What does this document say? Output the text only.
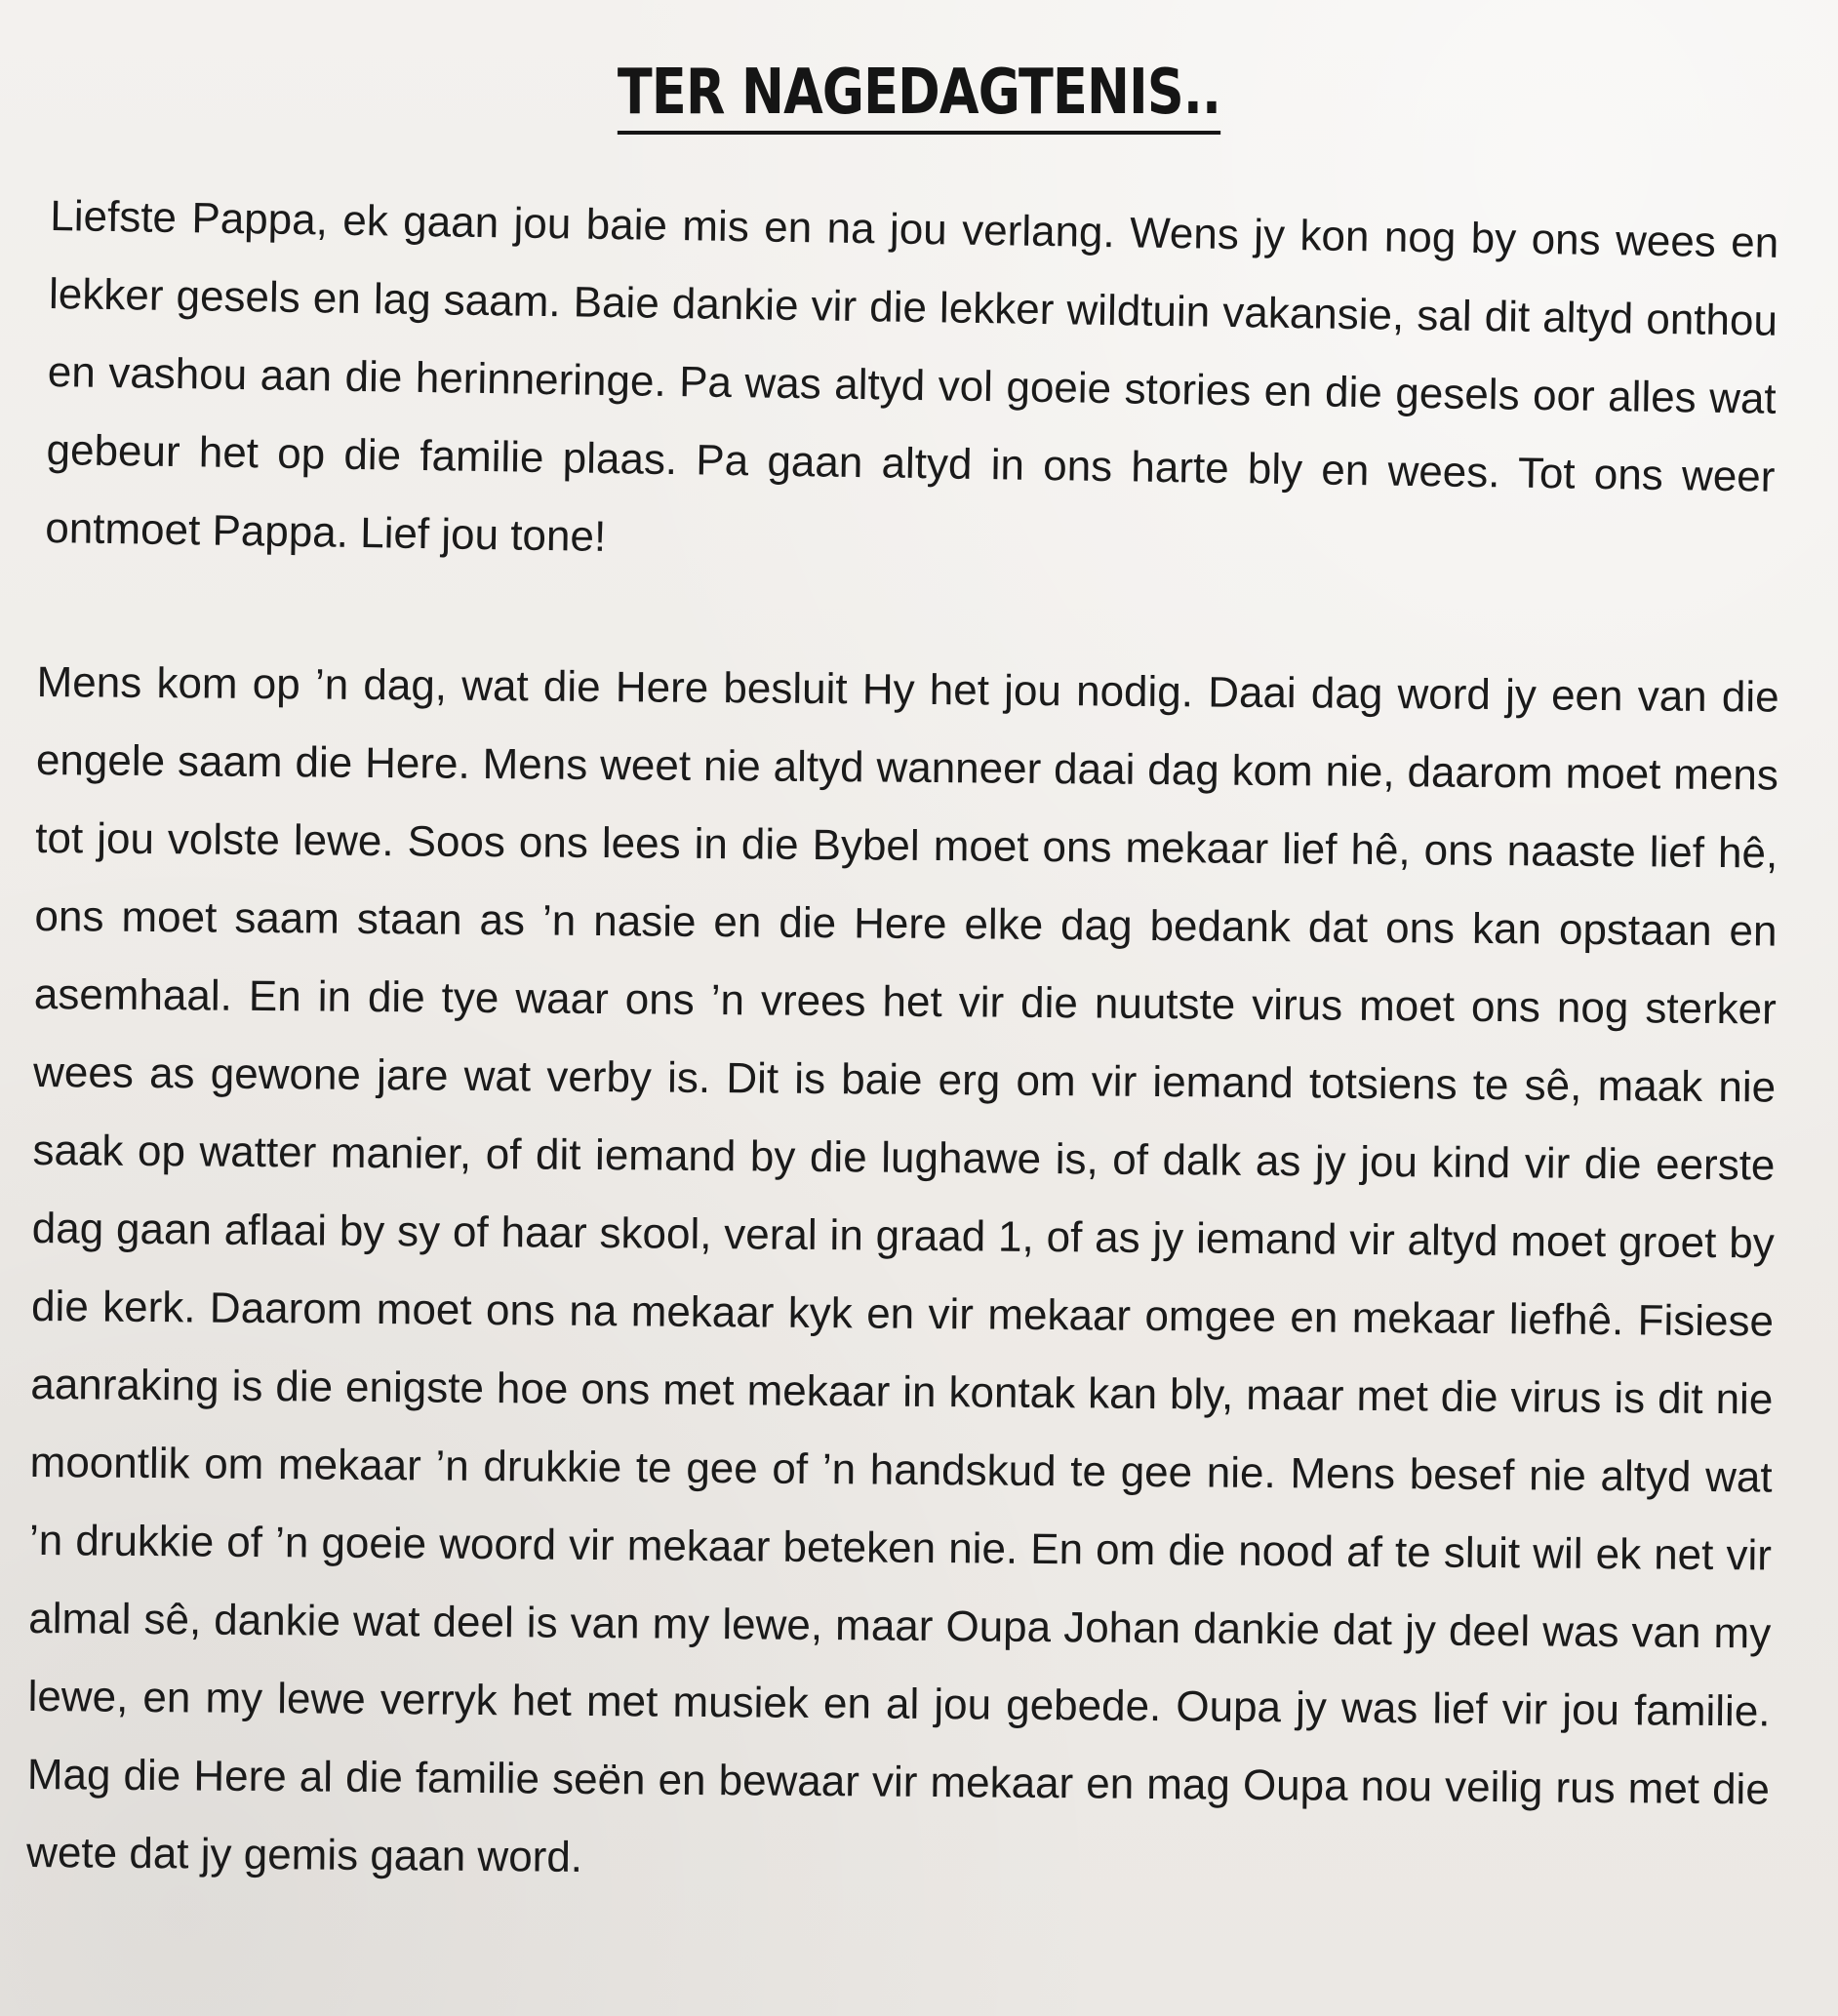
TER NAGEDAGTENIS..
Liefste Pappa, ek gaan jou baie mis en na jou verlang. Wens jy kon nog by ons wees en lekker gesels en lag saam. Baie dankie vir die lekker wildtuin vakansie, sal dit altyd onthou en vashou aan die herinneringe. Pa was altyd vol goeie stories en die gesels oor alles wat gebeur het op die familie plaas. Pa gaan altyd in ons harte bly en wees. Tot ons weer ontmoet Pappa. Lief jou tone!
Mens kom op ’n dag, wat die Here besluit Hy het jou nodig. Daai dag word jy een van die engele saam die Here. Mens weet nie altyd wanneer daai dag kom nie, daarom moet mens tot jou volste lewe. Soos ons lees in die Bybel moet ons mekaar lief hê, ons naaste lief hê, ons moet saam staan as ’n nasie en die Here elke dag bedank dat ons kan opstaan en asemhaal. En in die tye waar ons ’n vrees het vir die nuutste virus moet ons nog sterker wees as gewone jare wat verby is. Dit is baie erg om vir iemand totsiens te sê, maak nie saak op watter manier, of dit iemand by die lughawe is, of dalk as jy jou kind vir die eerste dag gaan aflaai by sy of haar skool, veral in graad 1, of as jy iemand vir altyd moet groet by die kerk. Daarom moet ons na mekaar kyk en vir mekaar omgee en mekaar liefhê. Fisiese aanraking is die enigste hoe ons met mekaar in kontak kan bly, maar met die virus is dit nie moontlik om mekaar ’n drukkie te gee of ’n handskud te gee nie. Mens besef nie altyd wat ’n drukkie of ’n goeie woord vir mekaar beteken nie. En om die nood af te sluit wil ek net vir almal sê, dankie wat deel is van my lewe, maar Oupa Johan dankie dat jy deel was van my lewe, en my lewe verryk het met musiek en al jou gebede. Oupa jy was lief vir jou familie. Mag die Here al die familie seën en bewaar vir mekaar en mag Oupa nou veilig rus met die wete dat jy gemis gaan word.
